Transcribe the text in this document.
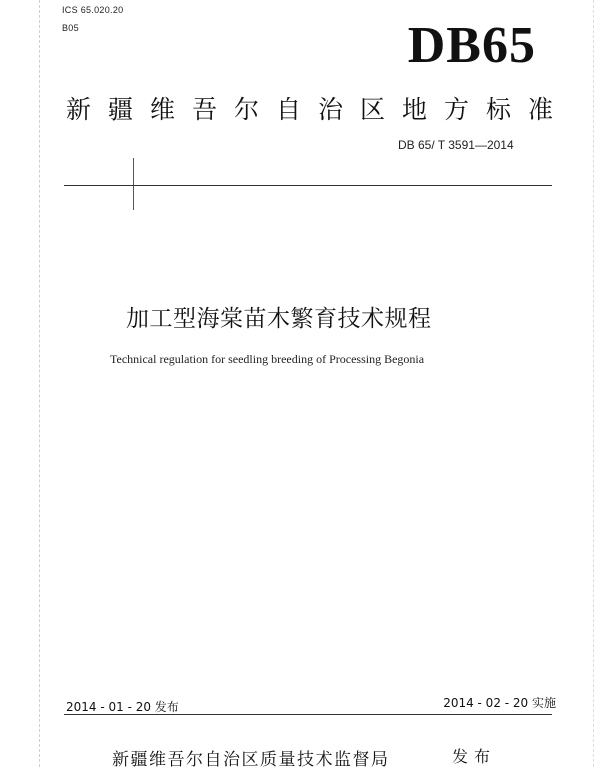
ICS 65.020.20
B05	DB65
新疆维吾尔自治区地方标准
DB 65/ T 3591—2014
加工型海棠苗木繁育技术规程
Technical regulation for seedling breeding of Processing Begonia
2014 - 01 - 20 发布	2014 - 02 - 20 实施
新疆维吾尔自治区质量技术监督局	发布
